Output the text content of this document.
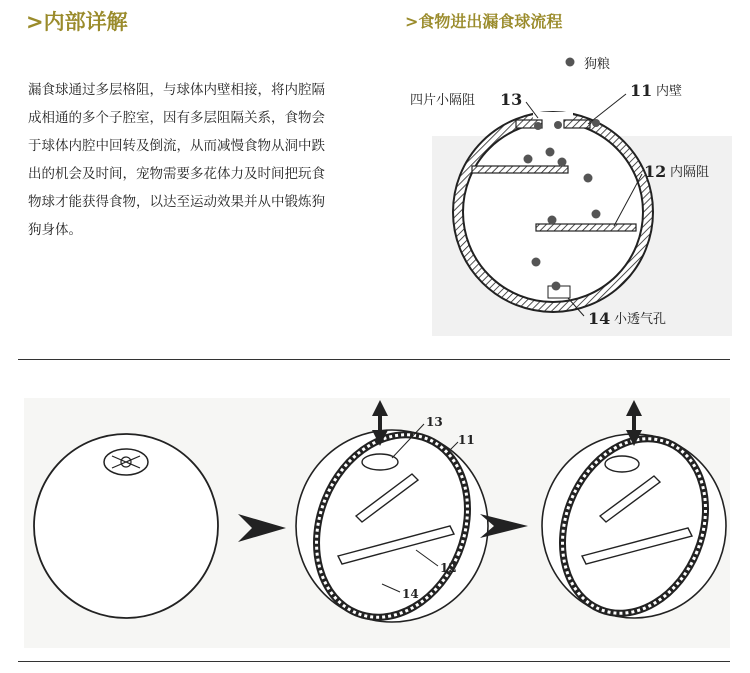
>内部详解	>食物进出漏食球流程
漏食球通过多层格阻，与球体内壁相接，将内腔隔
成相通的多个子腔室，因有多层阻隔关系，食物会
于球体内腔中回转及倒流，从而减慢食物从洞中跌
出的机会及时间，宠物需要多花体力及时间把玩食
物球才能获得食物，以达至运动效果并从中锻炼狗
狗身体。
狗粮
四片小隔阻 13	11 内壁
12 内隔阻
14 小透气孔
13
11
12
14
